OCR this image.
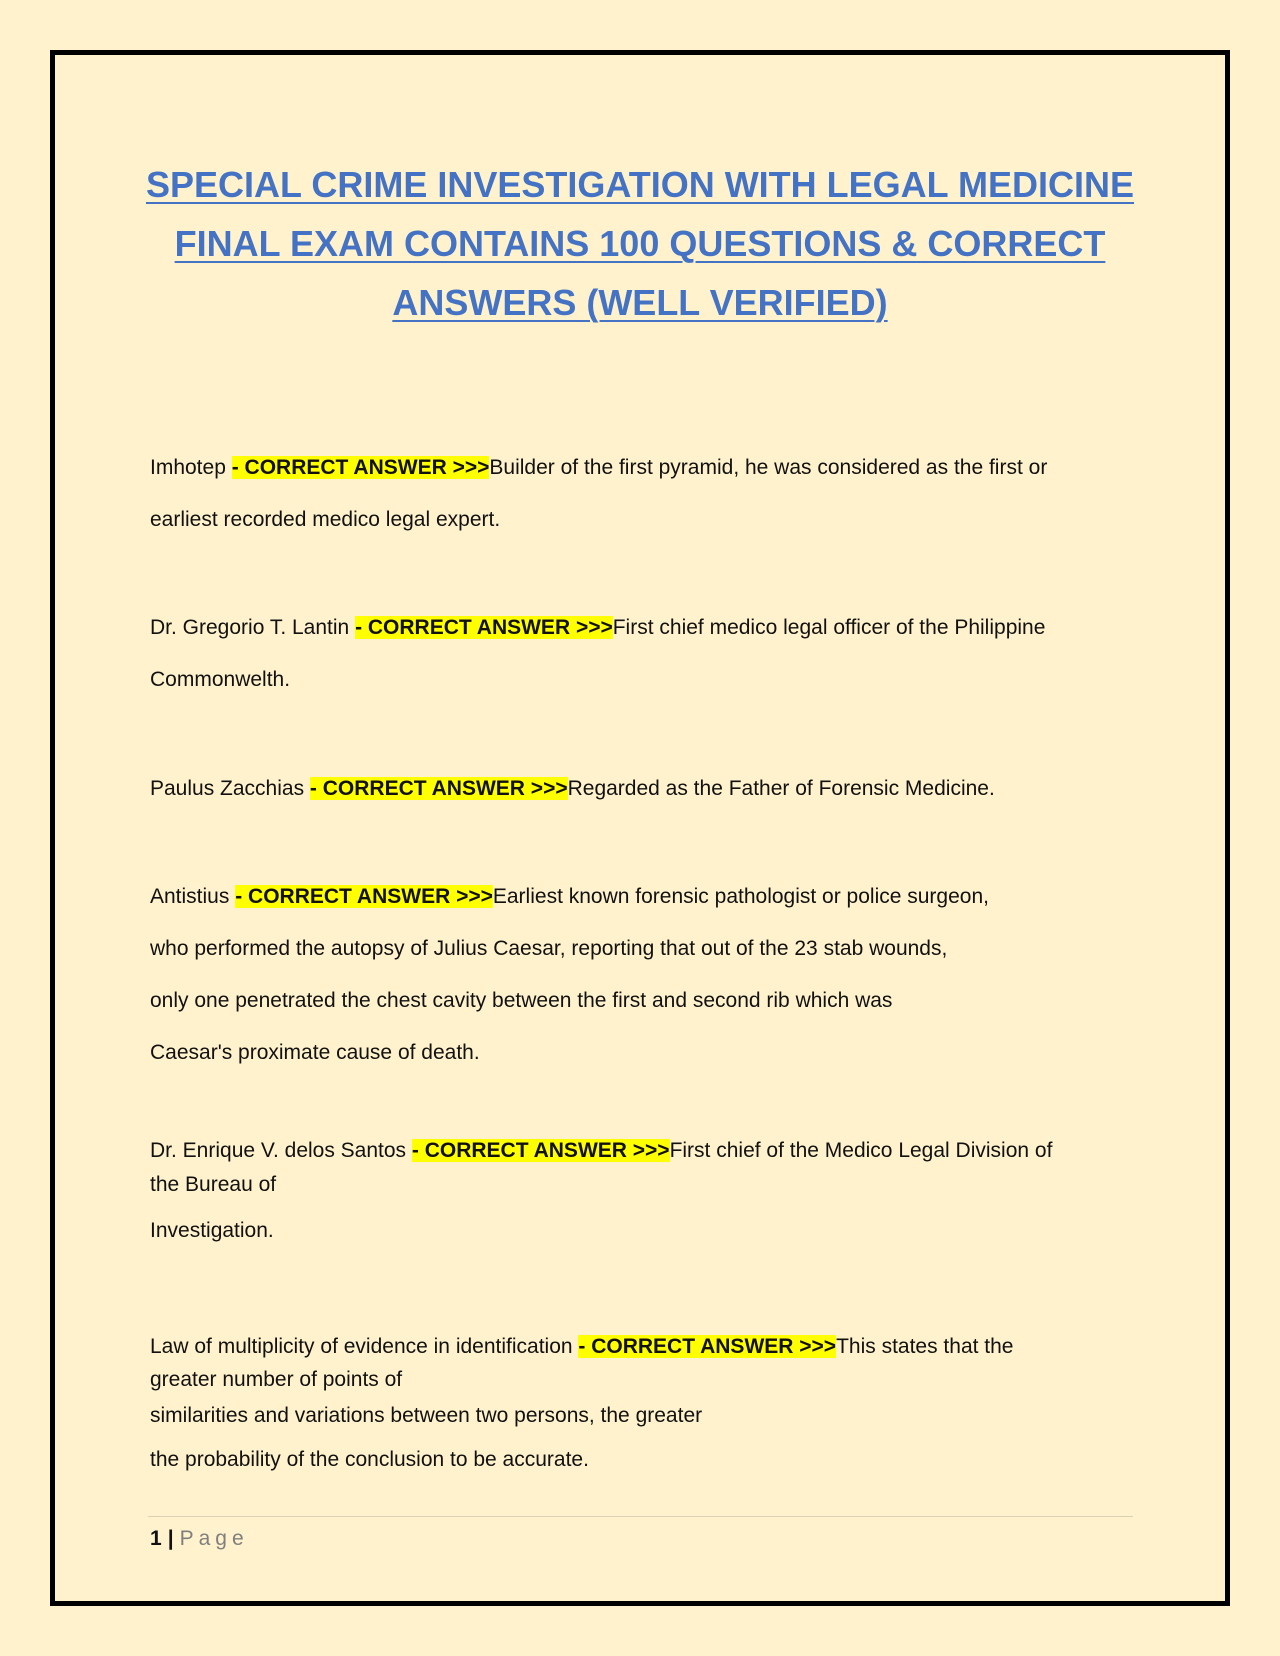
SPECIAL CRIME INVESTIGATION WITH LEGAL MEDICINE
FINAL EXAM CONTAINS 100 QUESTIONS & CORRECT
ANSWERS (WELL VERIFIED)
Imhotep - CORRECT ANSWER >>>Builder of the first pyramid, he was considered as the first or
earliest recorded medico legal expert.
Dr. Gregorio T. Lantin - CORRECT ANSWER >>>First chief medico legal officer of the Philippine
Commonwelth.
Paulus Zacchias - CORRECT ANSWER >>>Regarded as the Father of Forensic Medicine.
Antistius - CORRECT ANSWER >>>Earliest known forensic pathologist or police surgeon,
who performed the autopsy of Julius Caesar, reporting that out of the 23 stab wounds,
only one penetrated the chest cavity between the first and second rib which was
Caesar's proximate cause of death.
Dr. Enrique V. delos Santos - CORRECT ANSWER >>>First chief of the Medico Legal Division of
the Bureau of
Investigation.
Law of multiplicity of evidence in identification - CORRECT ANSWER >>>This states that the
greater number of points of
similarities and variations between two persons, the greater
the probability of the conclusion to be accurate.
1 | Page
